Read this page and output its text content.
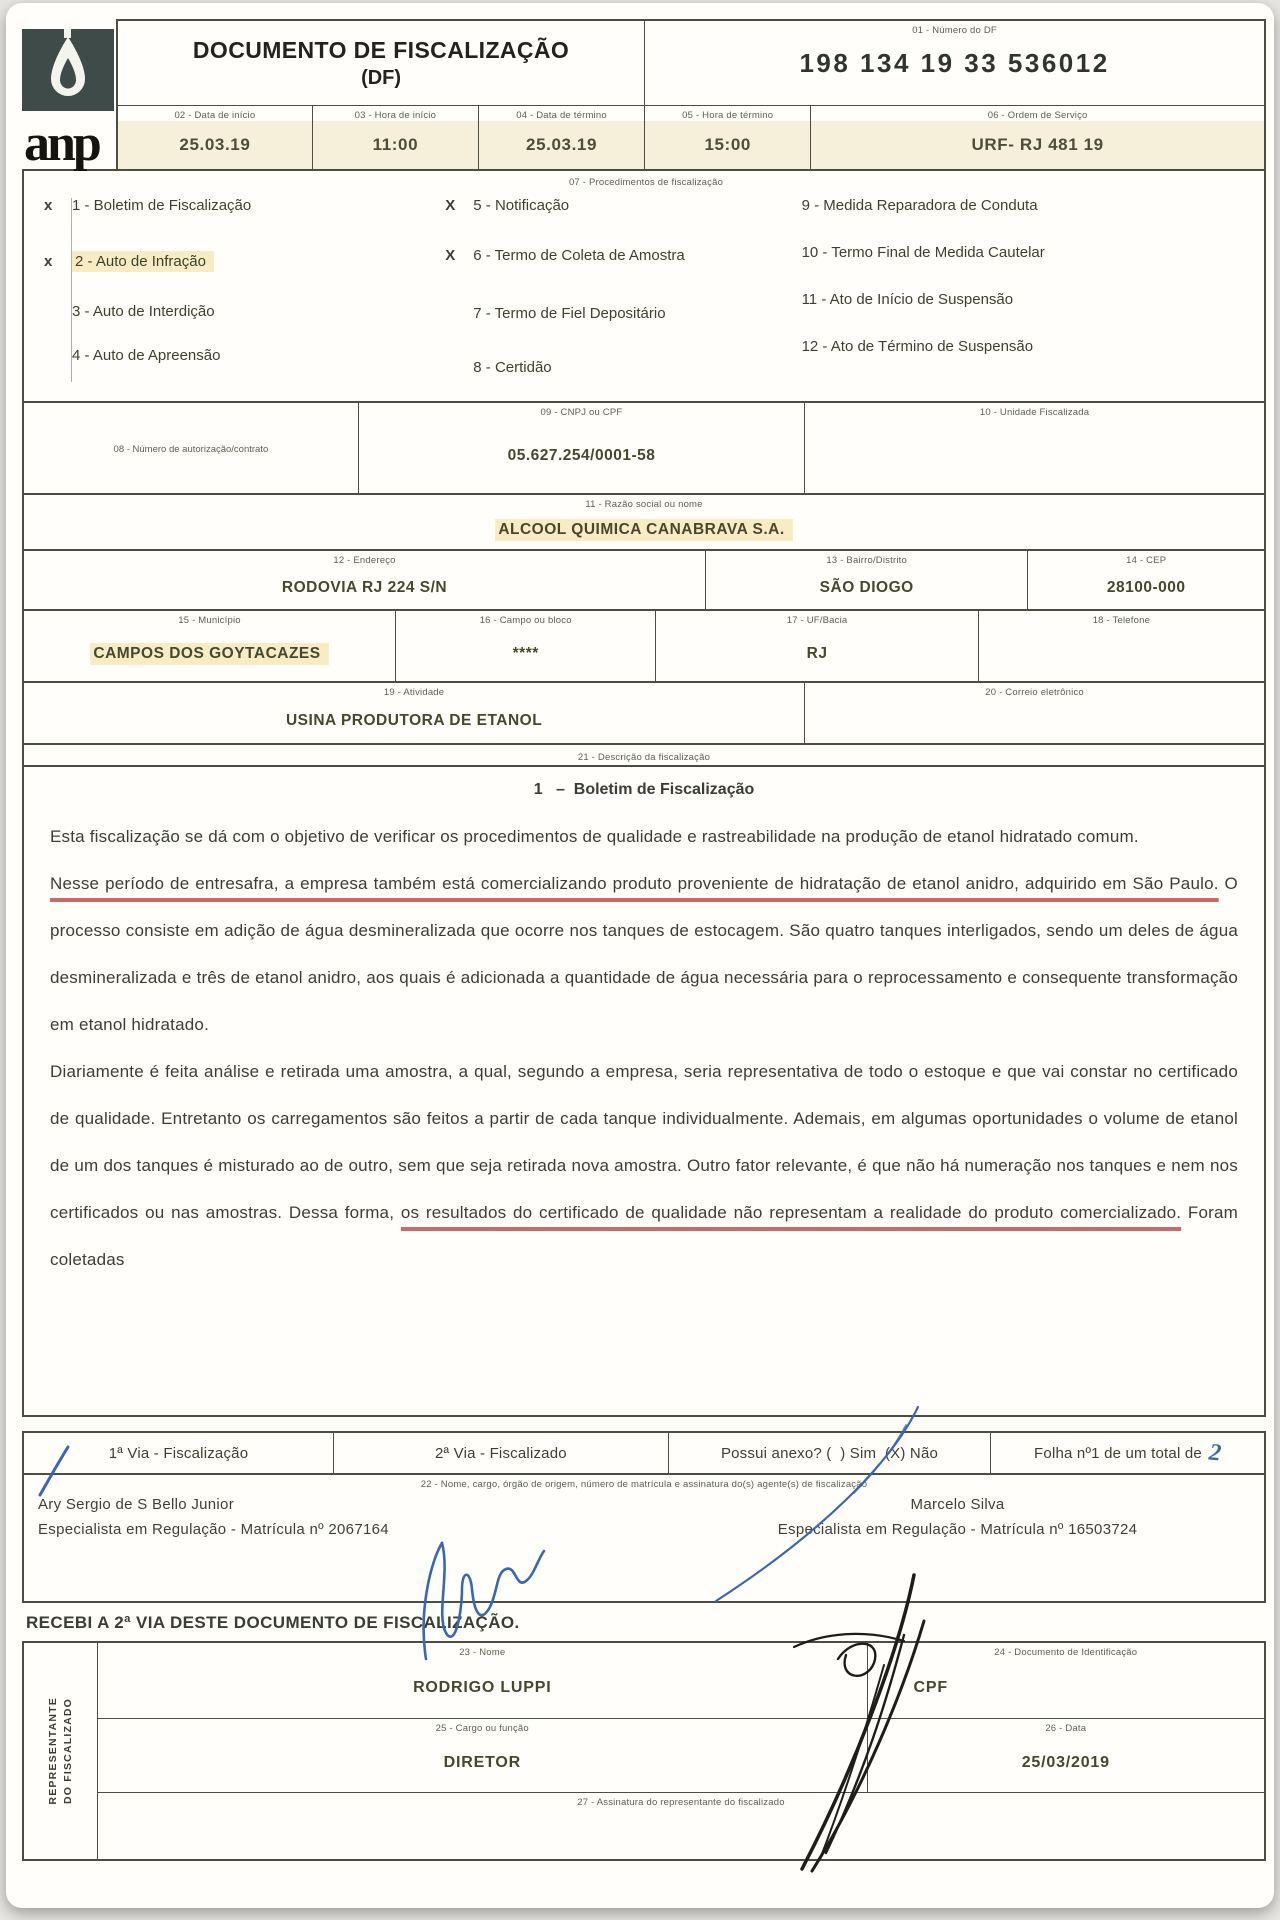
anp
DOCUMENTO DE FISCALIZAÇÃO
(DF)
01 - Número do DF
198 134 19 33 536012
02 - Data de início
25.03.19
03 - Hora de início
11:00
04 - Data de término
25.03.19
05 - Hora de término
15:00
06 - Ordem de Serviço
URF- RJ 481 19
07 - Procedimentos de fiscalização
x	1 - Boletim de Fiscalização
x	2 - Auto de Infração
3 - Auto de Interdição
4 - Auto de Apreensão
X	5 - Notificação
X	6 - Termo de Coleta de Amostra
7 - Termo de Fiel Depositário
8 - Certidão
9 - Medida Reparadora de Conduta
10 - Termo Final de Medida Cautelar
11 - Ato de Início de Suspensão
12 - Ato de Término de Suspensão
08 - Número de autorização/contrato
09 - CNPJ ou CPF
05.627.254/0001-58
10 - Unidade Fiscalizada
11 - Razão social ou nome
ALCOOL QUIMICA CANABRAVA S.A.
12 - Endereço
RODOVIA RJ 224 S/N
13 - Bairro/Distrito
SÃO DIOGO
14 - CEP
28100-000
15 - Município
CAMPOS DOS GOYTACAZES
16 - Campo ou bloco
****
17 - UF/Bacia
RJ
18 - Telefone
19 - Atividade
USINA PRODUTORA DE ETANOL
20 - Correio eletrônico
21 - Descrição da fiscalização
1   –  Boletim de Fiscalização

Esta fiscalização se dá com o objetivo de verificar os procedimentos de qualidade e rastreabilidade na produção de etanol hidratado comum.

Nesse período de entresafra, a empresa também está comercializando produto proveniente de hidratação de etanol anidro, adquirido em São Paulo. O processo consiste em adição de água desmineralizada que ocorre nos tanques de estocagem. São quatro tanques interligados, sendo um deles de água desmineralizada e três de etanol anidro, aos quais é adicionada a quantidade de água necessária para o reprocessamento e consequente transformação em etanol hidratado.

Diariamente é feita análise e retirada uma amostra, a qual, segundo a empresa, seria representativa de todo o estoque e que vai constar no certificado de qualidade. Entretanto os carregamentos são feitos a partir de cada tanque individualmente. Ademais, em algumas oportunidades o volume de etanol de um dos tanques é misturado ao de outro, sem que seja retirada nova amostra. Outro fator relevante, é que não há numeração nos tanques e nem nos certificados ou nas amostras. Dessa forma, os resultados do certificado de qualidade não representam a realidade do produto comercializado. Foram coletadas

1ª Via - Fiscalização	2ª Via - Fiscalizado	Possui anexo? (  ) Sim  (X) Não	Folha nº1 de um total de 2
22 - Nome, cargo, órgão de origem, número de matrícula e assinatura do(s) agente(s) de fiscalização
Ary Sergio de S Bello Junior
Especialista em Regulação - Matrícula nº 2067164
Marcelo Silva
Especialista em Regulação - Matrícula nº 16503724
RECEBI A 2ª VIA DESTE DOCUMENTO DE FISCALIZAÇÃO.
REPRESENTANTE DO FISCALIZADO
23 - Nome
RODRIGO LUPPI
24 - Documento de Identificação
CPF
25 - Cargo ou função
DIRETOR
26 - Data
25/03/2019
27 - Assinatura do representante do fiscalizado
